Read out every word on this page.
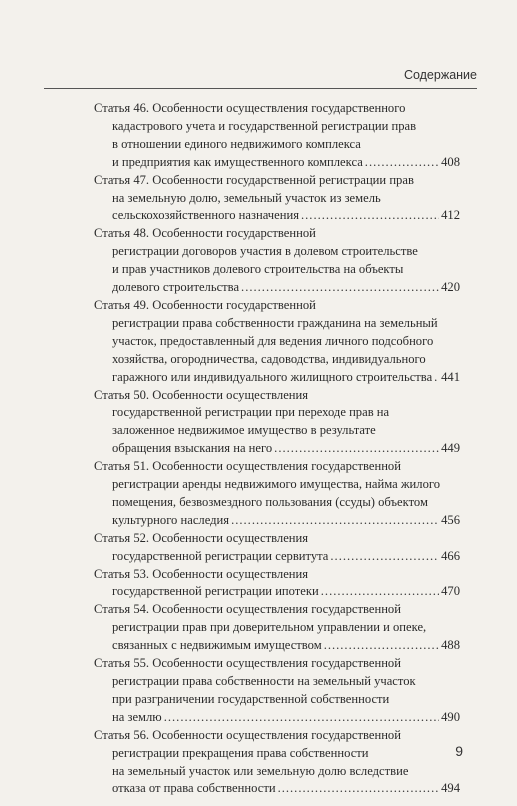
Содержание
Статья 46. Особенности осуществления государственного
кадастрового учета и государственной регистрации прав
в отношении единого недвижимого комплекса
и предприятия как имущественного комплекса .....	408
Статья 47. Особенности государственной регистрации прав
на земельную долю, земельный участок из земель
сельскохозяйственного назначения .....	412
Статья 48. Особенности государственной
регистрации договоров участия в долевом строительстве
и прав участников долевого строительства на объекты
долевого строительства .....	420
Статья 49. Особенности государственной
регистрации права собственности гражданина на земельный
участок, предоставленный для ведения личного подсобного
хозяйства, огородничества, садоводства, индивидуального
гаражного или индивидуального жилищного строительства ..... 441
Статья 50. Особенности осуществления
государственной регистрации при переходе прав на
заложенное недвижимое имущество в результате
обращения взыскания на него .....	449
Статья 51. Особенности осуществления государственной
регистрации аренды недвижимого имущества, найма жилого
помещения, безвозмездного пользования (ссуды) объектом
культурного наследия .....	456
Статья 52. Особенности осуществления
государственной регистрации сервитута .....	466
Статья 53. Особенности осуществления
государственной регистрации ипотеки .....	470
Статья 54. Особенности осуществления государственной
регистрации прав при доверительном управлении и опеке,
связанных с недвижимым имуществом .....	488
Статья 55. Особенности осуществления государственной
регистрации права собственности на земельный участок
при разграничении государственной собственности
на землю .....	490
Статья 56. Особенности осуществления государственной
регистрации прекращения права собственности
на земельный участок или земельную долю вследствие
отказа от права собственности .....	494
9
